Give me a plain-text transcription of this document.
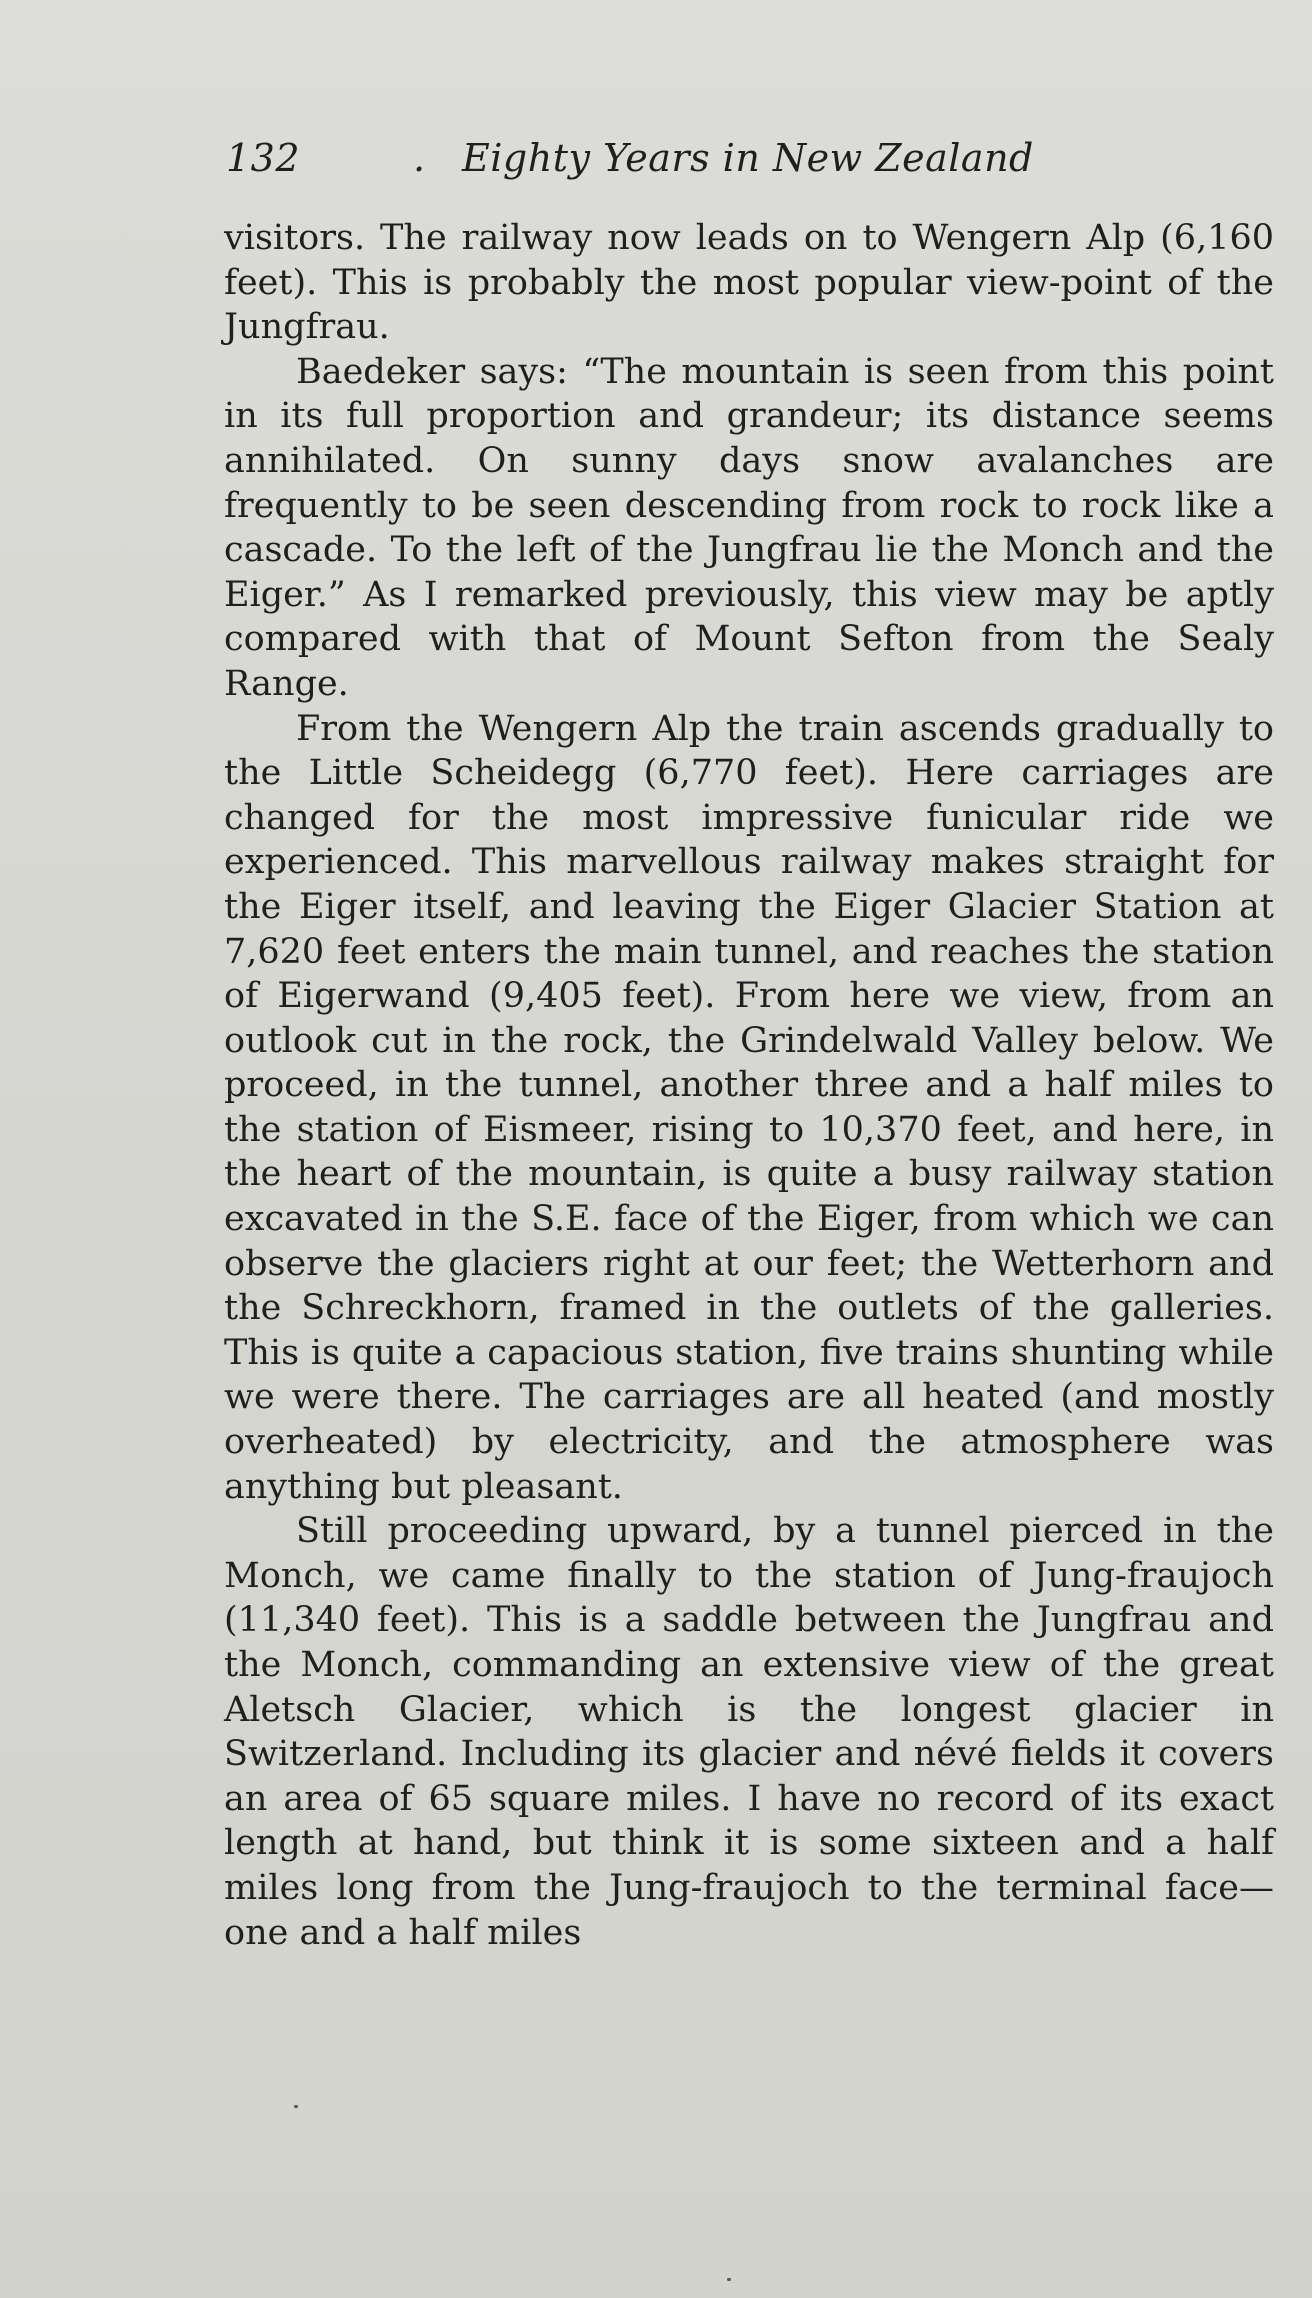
132	. Eighty Years in New Zealand

visitors. The railway now leads on to Wengern Alp (6,160 feet). This is probably the most popular view-point of the Jungfrau.

Baedeker says: “The mountain is seen from this point in its full proportion and grandeur; its distance seems annihilated. On sunny days snow avalanches are frequently to be seen descending from rock to rock like a cascade. To the left of the Jungfrau lie the Monch and the Eiger.” As I remarked previously, this view may be aptly compared with that of Mount Sefton from the Sealy Range.

From the Wengern Alp the train ascends gradually to the Little Scheidegg (6,770 feet). Here carriages are changed for the most impressive funicular ride we experienced. This marvellous railway makes straight for the Eiger itself, and leaving the Eiger Glacier Station at 7,620 feet enters the main tunnel, and reaches the station of Eigerwand (9,405 feet). From here we view, from an outlook cut in the rock, the Grindelwald Valley below. We proceed, in the tunnel, another three and a half miles to the station of Eismeer, rising to 10,370 feet, and here, in the heart of the mountain, is quite a busy railway station excavated in the S.E. face of the Eiger, from which we can observe the glaciers right at our feet; the Wetterhorn and the Schreckhorn, framed in the outlets of the galleries. This is quite a capacious station, five trains shunting while we were there. The carriages are all heated (and mostly overheated) by electricity, and the atmosphere was anything but pleasant.

Still proceeding upward, by a tunnel pierced in the Monch, we came finally to the station of Jung-fraujoch (11,340 feet). This is a saddle between the Jungfrau and the Monch, commanding an extensive view of the great Aletsch Glacier, which is the longest glacier in Switzerland. Including its glacier and névé fields it covers an area of 65 square miles. I have no record of its exact length at hand, but think it is some sixteen and a half miles long from the Jung-fraujoch to the terminal face—one and a half miles
